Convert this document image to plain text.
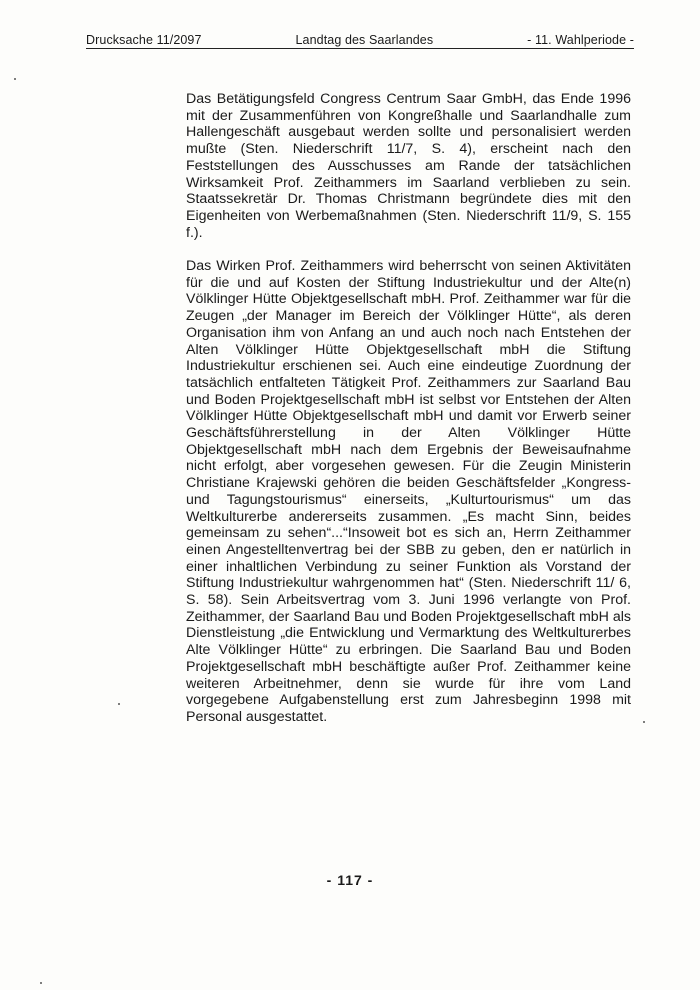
Drucksache 11/2097	Landtag des Saarlandes	- 11. Wahlperiode -

Das Betätigungsfeld Congress Centrum Saar GmbH, das Ende 1996 mit der Zusammenführen von Kongreßhalle und Saarlandhalle zum Hallengeschäft ausgebaut werden sollte und personalisiert werden mußte (Sten. Niederschrift 11/7, S. 4), erscheint nach den Feststellungen des Ausschusses am Rande der tatsächlichen Wirksamkeit Prof. Zeithammers im Saarland verblieben zu sein. Staatssekretär Dr. Thomas Christmann begründete dies mit den Eigenheiten von Werbemaßnahmen (Sten. Niederschrift 11/9, S. 155 f.).

Das Wirken Prof. Zeithammers wird beherrscht von seinen Aktivitäten für die und auf Kosten der Stiftung Industriekultur und der Alte(n) Völklinger Hütte Objektgesellschaft mbH. Prof. Zeithammer war für die Zeugen „der Manager im Bereich der Völklinger Hütte“, als deren Organisation ihm von Anfang an und auch noch nach Entstehen der Alten Völklinger Hütte Objektgesellschaft mbH die Stiftung Industriekultur erschienen sei. Auch eine eindeutige Zuordnung der tatsächlich entfalteten Tätigkeit Prof. Zeithammers zur Saarland Bau und Boden Projektgesellschaft mbH ist selbst vor Entstehen der Alten Völklinger Hütte Objektgesellschaft mbH und damit vor Erwerb seiner Geschäftsführerstellung in der Alten Völklinger Hütte Objektgesellschaft mbH nach dem Ergebnis der Beweisaufnahme nicht erfolgt, aber vorgesehen gewesen. Für die Zeugin Ministerin Christiane Krajewski gehören die beiden Geschäftsfelder „Kongress- und Tagungstourismus“ einerseits, „Kulturtourismus“ um das Weltkulturerbe andererseits zusammen. „Es macht Sinn, beides gemeinsam zu sehen“...“Insoweit bot es sich an, Herrn Zeithammer einen Angestelltenvertrag bei der SBB zu geben, den er natürlich in einer inhaltlichen Verbindung zu seiner Funktion als Vorstand der Stiftung Industriekultur wahrgenommen hat“ (Sten. Niederschrift 11/ 6, S. 58). Sein Arbeitsvertrag vom 3. Juni 1996 verlangte von Prof. Zeithammer, der Saarland Bau und Boden Projektgesellschaft mbH als Dienstleistung „die Entwicklung und Vermarktung des Weltkulturerbes Alte Völklinger Hütte“ zu erbringen. Die Saarland Bau und Boden Projektgesellschaft mbH beschäftigte außer Prof. Zeithammer keine weiteren Arbeitnehmer, denn sie wurde für ihre vom Land vorgegebene Aufgabenstellung erst zum Jahresbeginn 1998 mit Personal ausgestattet.

- 117 -
